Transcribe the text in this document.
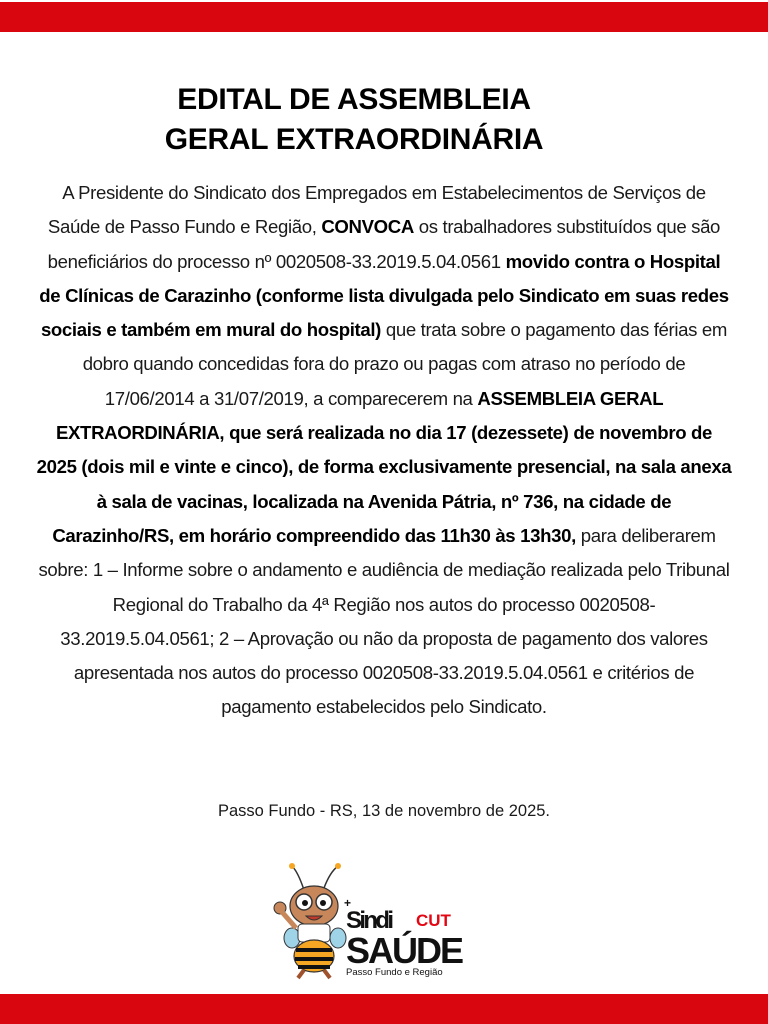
EDITAL DE ASSEMBLEIA
GERAL EXTRAORDINÁRIA
A Presidente do Sindicato dos Empregados em Estabelecimentos de Serviços de Saúde de Passo Fundo e Região, CONVOCA os trabalhadores substituídos que são beneficiários do processo nº 0020508-33.2019.5.04.0561 movido contra o Hospital de Clínicas de Carazinho (conforme lista divulgada pelo Sindicato em suas redes sociais e também em mural do hospital) que trata sobre o pagamento das férias em dobro quando concedidas fora do prazo ou pagas com atraso no período de 17/06/2014 a 31/07/2019, a comparecerem na ASSEMBLEIA GERAL EXTRAORDINÁRIA, que será realizada no dia 17 (dezessete) de novembro de 2025 (dois mil e vinte e cinco), de forma exclusivamente presencial, na sala anexa à sala de vacinas, localizada na Avenida Pátria, nº 736, na cidade de Carazinho/RS, em horário compreendido das 11h30 às 13h30, para deliberarem sobre: 1 – Informe sobre o andamento e audiência de mediação realizada pelo Tribunal Regional do Trabalho da 4ª Região nos autos do processo 0020508-33.2019.5.04.0561; 2 – Aprovação ou não da proposta de pagamento dos valores apresentada nos autos do processo 0020508-33.2019.5.04.0561 e critérios de pagamento estabelecidos pelo Sindicato.
Passo Fundo - RS, 13 de novembro de 2025.
+
Sindi CUT
SAÚDE
Passo Fundo e Região
